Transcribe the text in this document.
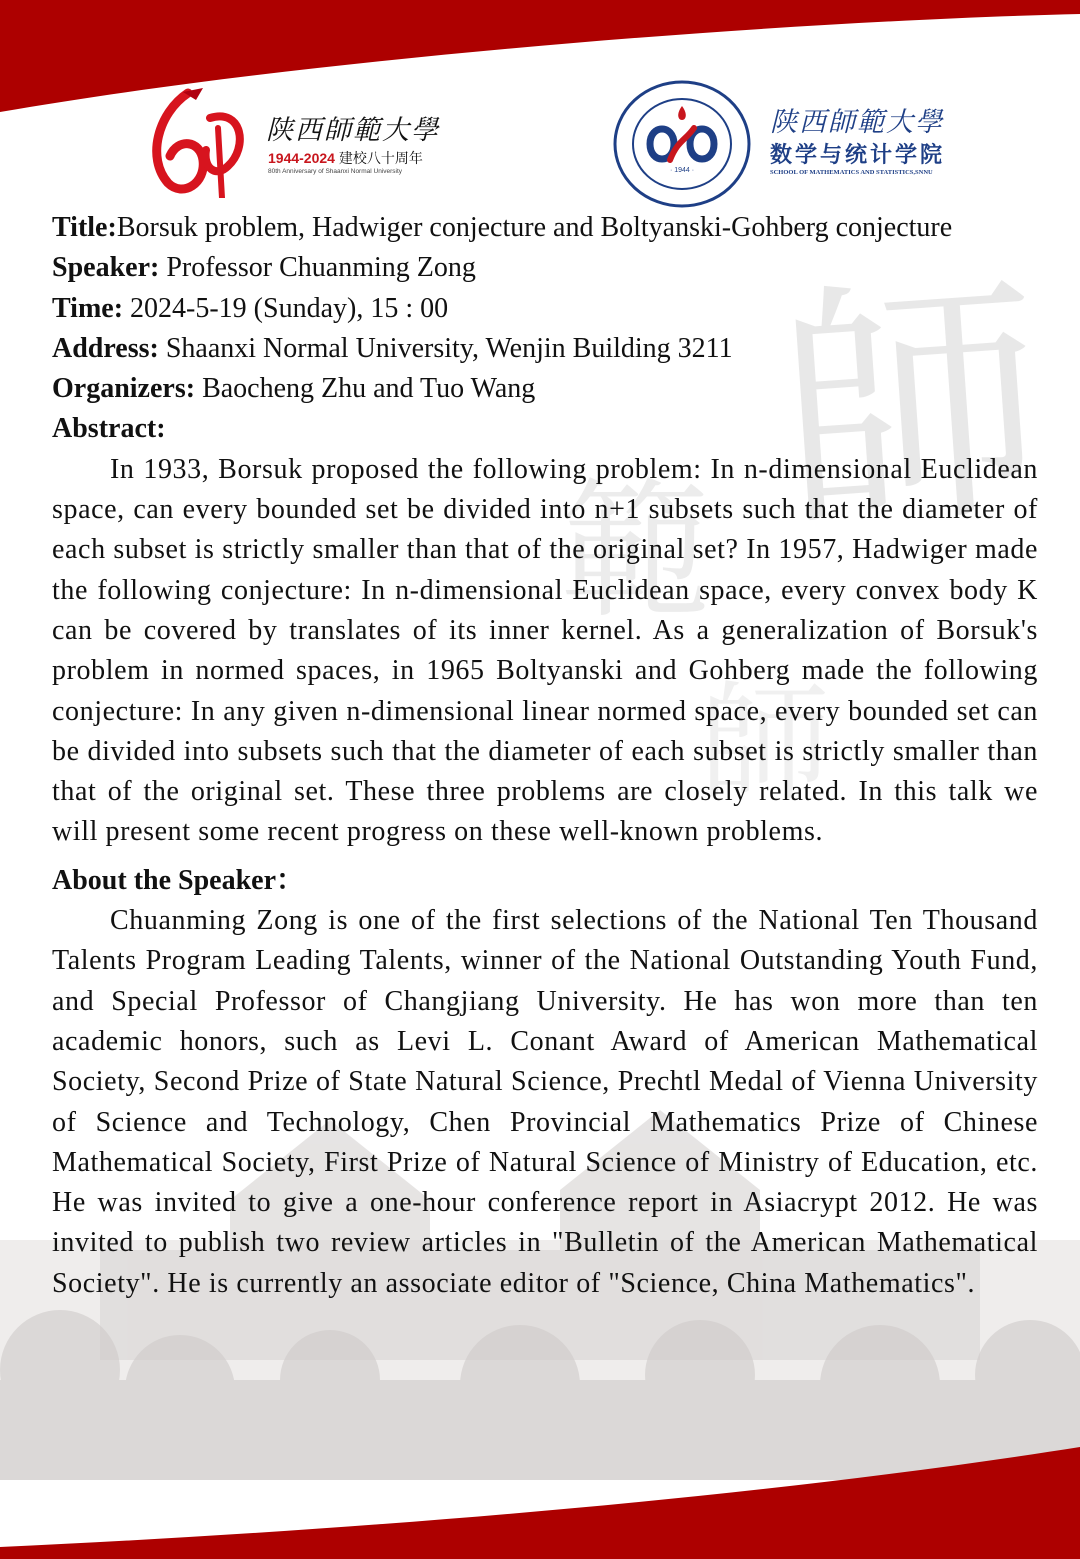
師
範
師
陕西師範大學
1944-2024 建校八十周年
80th Anniversary of Shaanxi Normal University	· 1944 ·
陕西師範大學
数学与统计学院
SCHOOL OF MATHEMATICS AND STATISTICS,SNNU

Title:Borsuk problem, Hadwiger conjecture and Boltyanski-Gohberg conjecture

Speaker: Professor Chuanming Zong

Time: 2024-5-19 (Sunday), 15 : 00

Address: Shaanxi Normal University, Wenjin Building 3211

Organizers: Baocheng Zhu and Tuo Wang

Abstract:

In 1933, Borsuk proposed the following problem: In n-dimensional Euclidean space, can every bounded set be divided into n+1 subsets such that the diameter of each subset is strictly smaller than that of the original set? In 1957, Hadwiger made the following conjecture: In n-dimensional Euclidean space, every convex body K can be covered by translates of its inner kernel. As a generalization of Borsuk's problem in normed spaces, in 1965 Boltyanski and Gohberg made the following conjecture: In any given n-dimensional linear normed space, every bounded set can be divided into subsets such that the diameter of each subset is strictly smaller than that of the original set. These three problems are closely related. In this talk we will present some recent progress on these well-known problems.

About the Speaker：

Chuanming Zong is one of the first selections of the National Ten Thousand Talents Program Leading Talents, winner of the National Outstanding Youth Fund, and Special Professor of Changjiang University. He has won more than ten academic honors, such as Levi L. Conant Award of American Mathematical Society, Second Prize of State Natural Science, Prechtl Medal of Vienna University of Science and Technology, Chen Provincial Mathematics Prize of Chinese Mathematical Society, First Prize of Natural Science of Ministry of Education, etc. He was invited to give a one-hour conference report in Asiacrypt 2012. He was invited to publish two review articles in "Bulletin of the American Mathematical Society". He is currently an associate editor of "Science, China Mathematics".
